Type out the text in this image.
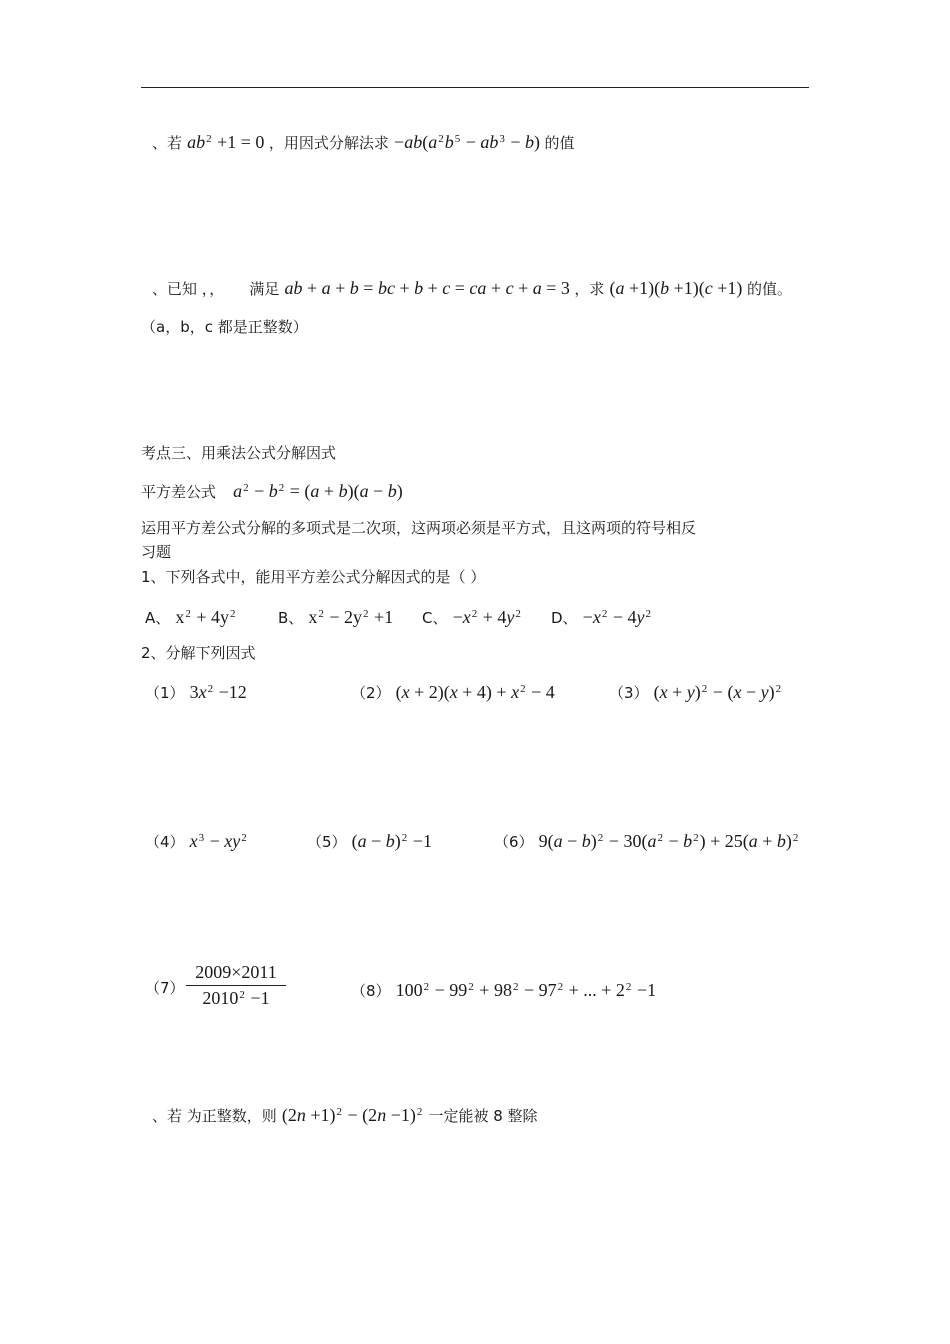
、若 $ab^2 +1 = 0$ ，用因式分解法求 $-ab(a^2b^5 - ab^3 - b)$ 的值
、已知 ，， 满足 ab + a + b = bc + b + c = ca + c + a = 3 ，求 (a +1)(b +1)(c +1) 的值。
（a，b，c 都是正整数）
考点三、用乘法公式分解因式
平方差公式 $a^2 - b^2 = (a + b)(a - b)$
运用平方差公式分解的多项式是二次项，这两项必须是平方式，且这两项的符号相反
习题
1、下列各式中，能用平方差公式分解因式的是（ ）
A、 $x^2 + 4y^2$	B、 $x^2 - 2y^2 +1$ C、 $-x^2 + 4y^2$ D、 $-x^2 - 4y^2$
2、分解下列因式
（1） $3x^2 -12$	（2） $(x + 2)(x + 4) + x^2 - 4$	（3） $(x + y)^2 - (x - y)^2$
（4） $x^3 - xy^2$	（5） $(a - b)^2 -1$	（6） $9(a - b)^2 - 30(a^2 - b^2) + 25(a + b)^2$
$(7) \frac{2009\times 2011}{2010^2 -1}$	（8） $100^2 - 99^2 + 98^2 - 97^2$ + ... + $2^2 -1$
、若 为正整数，则 $(2n +1)^2 - (2n -1)^2$ 一定能被 8 整除
